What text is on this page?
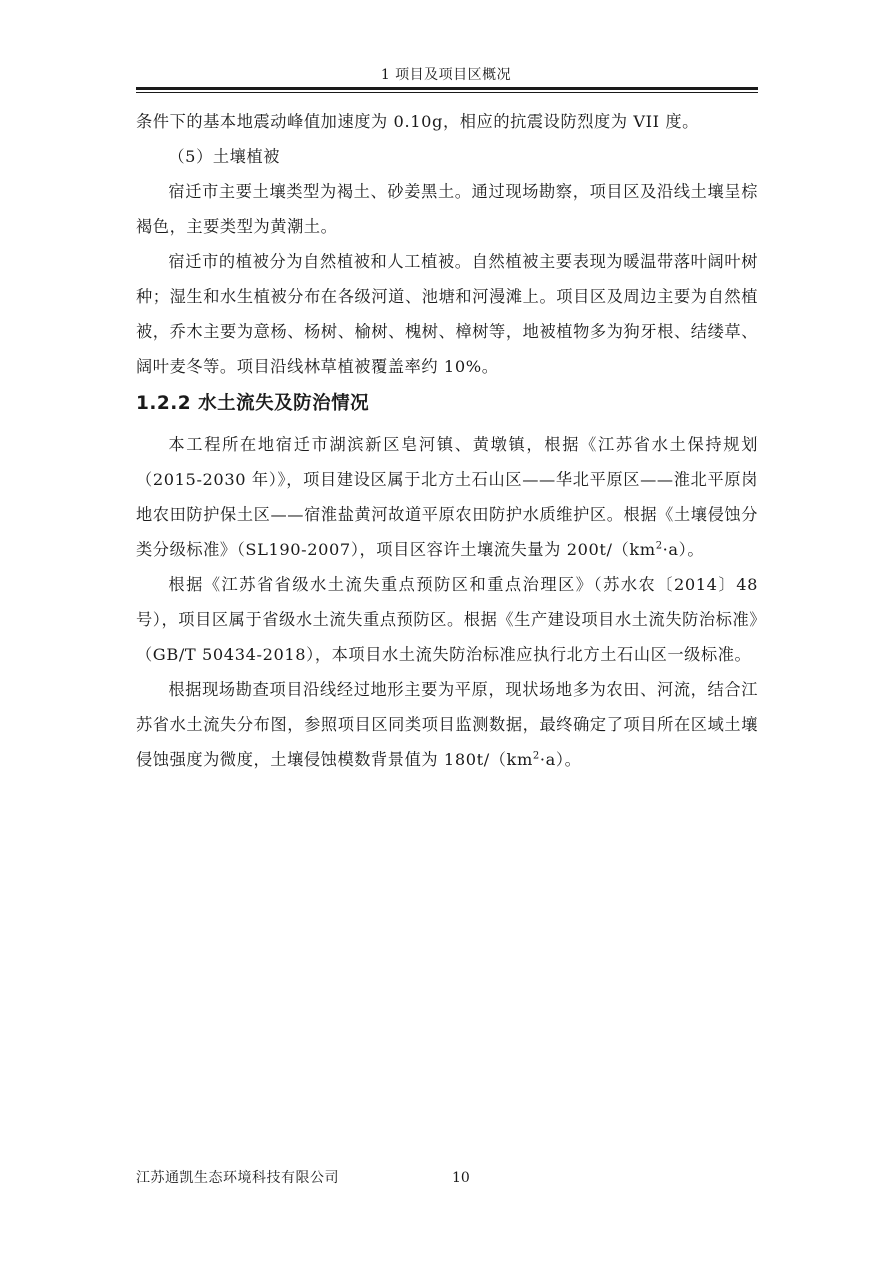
1 项目及项目区概况

条件下的基本地震动峰值加速度为 0.10g，相应的抗震设防烈度为 VII 度。

（5）土壤植被

宿迁市主要土壤类型为褐土、砂姜黑土。通过现场勘察，项目区及沿线土壤呈棕褐色，主要类型为黄潮土。

宿迁市的植被分为自然植被和人工植被。自然植被主要表现为暖温带落叶阔叶树种；湿生和水生植被分布在各级河道、池塘和河漫滩上。项目区及周边主要为自然植被，乔木主要为意杨、杨树、榆树、槐树、樟树等，地被植物多为狗牙根、结缕草、阔叶麦冬等。项目沿线林草植被覆盖率约 10%。

1.2.2 水土流失及防治情况

本工程所在地宿迁市湖滨新区皂河镇、黄墩镇，根据《江苏省水土保持规划（2015-2030 年）》，项目建设区属于北方土石山区——华北平原区——淮北平原岗地农田防护保土区——宿淮盐黄河故道平原农田防护水质维护区。根据《土壤侵蚀分类分级标准》（SL190-2007），项目区容许土壤流失量为 $200t/(km^2\cdot a)$。

根据《江苏省省级水土流失重点预防区和重点治理区》（苏水农〔2014〕48 号），项目区属于省级水土流失重点预防区。根据《生产建设项目水土流失防治标准》（GB/T 50434-2018），本项目水土流失防治标准应执行北方土石山区一级标准。

根据现场勘查项目沿线经过地形主要为平原，现状场地多为农田、河流，结合江苏省水土流失分布图，参照项目区同类项目监测数据，最终确定了项目所在区域土壤侵蚀强度为微度，土壤侵蚀模数背景值为 $180t/(km^2\cdot a)$。

江苏通凯生态环境科技有限公司	10
